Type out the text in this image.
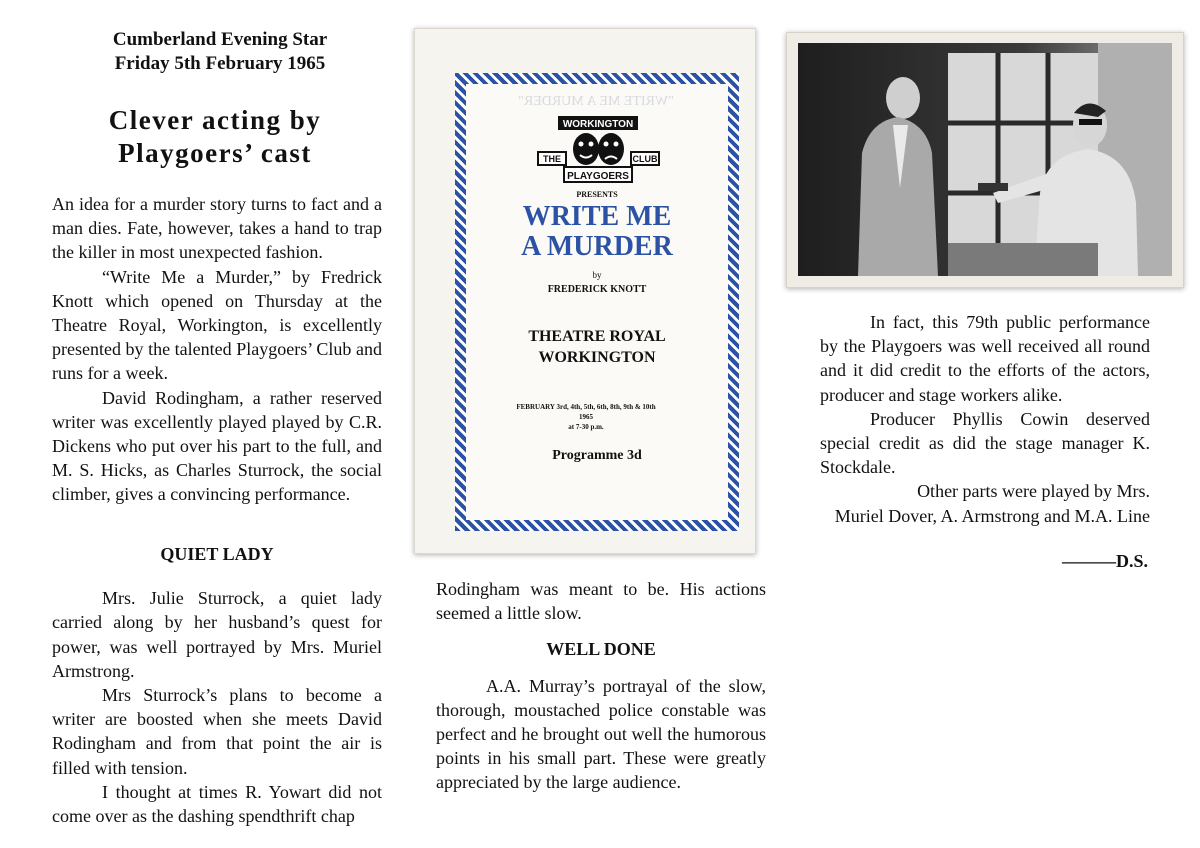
Cumberland Evening Star
Friday 5th February 1965
Clever acting by
Playgoers’ cast

An idea for a murder story turns to fact and a man dies. Fate, however, takes a hand to trap the killer in most unexpected fashion.

“Write Me a Murder,” by Fredrick Knott which opened on Thursday at the Theatre Royal, Workington, is excellently presented by the talented Playgoers’ Club and runs for a week.

David Rodingham, a rather reserved writer was excellently played played by C.R. Dickens who put over his part to the full, and M. S. Hicks, as Charles Sturrock, the social climber, gives a convincing performance.

QUIET LADY

Mrs. Julie Sturrock, a quiet lady carried along by her husband’s quest for power, was well portrayed by Mrs. Muriel Armstrong.

Mrs Sturrock’s plans to become a writer are boosted when she meets David Rodingham and from that point the air is filled with tension.

I thought at times R. Yowart did not come over as the dashing spendthrift chap

Rodingham was meant to be. His actions seemed a little slow.

WELL DONE

A.A. Murray’s portrayal of the slow, thorough, moustached police constable was perfect and he brought out well the humorous points in his small part. These were greatly appreciated by the large audience.

In fact, this 79th public performance by the Playgoers was well received all round and it did credit to the efforts of the actors, producer and stage workers alike.

Producer Phyllis Cowin deserved special credit as did the stage manager K. Stockdale.

Other parts were played by Mrs.

Muriel Dover, A. Armstrong and M.A. Line

––––––D.S.
"WRITE ME A MURDER"
WORKINGTON
THE	CLUB
PLAYGOERS
PRESENTS
WRITE ME
A MURDER
by
FREDERICK KNOTT
THEATRE ROYAL
WORKINGTON
FEBRUARY 3rd, 4th, 5th, 6th, 8th, 9th & 10th
1965
at 7-30 p.m.
Programme 3d
